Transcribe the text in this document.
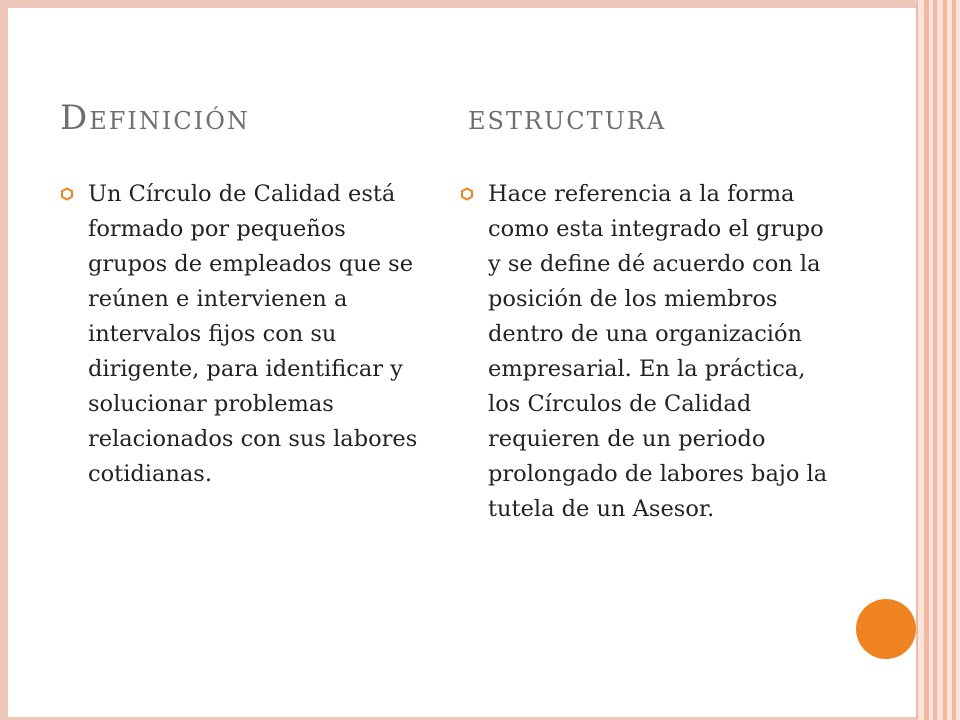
Definición	estructura
Un Círculo de Calidad está formado por pequeños grupos de empleados que se reúnen e intervienen a intervalos fijos con su dirigente, para identificar y solucionar problemas relacionados con sus labores cotidianas.
Hace referencia a la forma como esta integrado el grupo y se define dé acuerdo con la posición de los miembros dentro de una organización empresarial. En la práctica, los Círculos de Calidad requieren de un periodo prolongado de labores bajo la tutela de un Asesor.
